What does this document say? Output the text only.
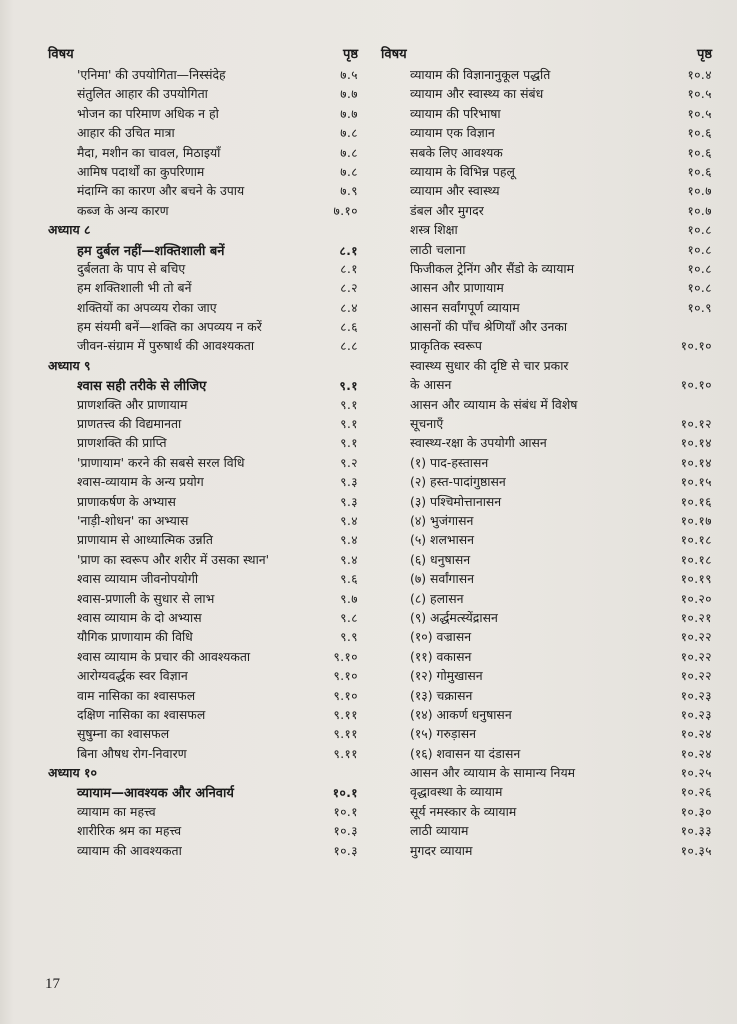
विषय	पृष्ठ
'एनिमा' की उपयोगिता—निस्संदेह	७.५
संतुलित आहार की उपयोगिता	७.७
भोजन का परिमाण अधिक न हो	७.७
आहार की उचित मात्रा	७.८
मैदा, मशीन का चावल, मिठाइयाँ	७.८
आमिष पदार्थों का कुपरिणाम	७.८
मंदाग्नि का कारण और बचने के उपाय	७.९
कब्ज के अन्य कारण	७.१०
अध्याय ८
हम दुर्बल नहीं—शक्तिशाली बनें	८.१
दुर्बलता के पाप से बचिए	८.१
हम शक्तिशाली भी तो बनें	८.२
शक्तियों का अपव्यय रोका जाए	८.४
हम संयमी बनें—शक्ति का अपव्यय न करें	८.६
जीवन-संग्राम में पुरुषार्थ की आवश्यकता	८.८
अध्याय ९
श्वास सही तरीके से लीजिए	९.१
प्राणशक्ति और प्राणायाम	९.१
प्राणतत्त्व की विद्यमानता	९.१
प्राणशक्ति की प्राप्ति	९.१
'प्राणायाम' करने की सबसे सरल विधि	९.२
श्वास-व्यायाम के अन्य प्रयोग	९.३
प्राणाकर्षण के अभ्यास	९.३
'नाड़ी-शोधन' का अभ्यास	९.४
प्राणायाम से आध्यात्मिक उन्नति	९.४
'प्राण का स्वरूप और शरीर में उसका स्थान'	९.४
श्वास व्यायाम जीवनोपयोगी	९.६
श्वास-प्रणाली के सुधार से लाभ	९.७
श्वास व्यायाम के दो अभ्यास	९.८
यौगिक प्राणायाम की विधि	९.९
श्वास व्यायाम के प्रचार की आवश्यकता	९.१०
आरोग्यवर्द्धक स्वर विज्ञान	९.१०
वाम नासिका का श्वासफल	९.१०
दक्षिण नासिका का श्वासफल	९.११
सुषुम्ना का श्वासफल	९.११
बिना औषध रोग-निवारण	९.११
अध्याय १०
व्यायाम—आवश्यक और अनिवार्य	१०.१
व्यायाम का महत्त्व	१०.१
शारीरिक श्रम का महत्त्व	१०.३
व्यायाम की आवश्यकता	१०.३
विषय	पृष्ठ
व्यायाम की विज्ञानानुकूल पद्धति	१०.४
व्यायाम और स्वास्थ्य का संबंध	१०.५
व्यायाम की परिभाषा	१०.५
व्यायाम एक विज्ञान	१०.६
सबके लिए आवश्यक	१०.६
व्यायाम के विभिन्न पहलू	१०.६
व्यायाम और स्वास्थ्य	१०.७
डंबल और मुगदर	१०.७
शस्त्र शिक्षा	१०.८
लाठी चलाना	१०.८
फिजीकल ट्रेनिंग और सैंडो के व्यायाम	१०.८
आसन और प्राणायाम	१०.८
आसन सर्वांगपूर्ण व्यायाम	१०.९
आसनों की पाँच श्रेणियाँ और उनका
प्राकृतिक स्वरूप	१०.१०
स्वास्थ्य सुधार की दृष्टि से चार प्रकार
के आसन	१०.१०
आसन और व्यायाम के संबंध में विशेष
सूचनाएँ	१०.१२
स्वास्थ्य-रक्षा के उपयोगी आसन	१०.१४
(१) पाद-हस्तासन	१०.१४
(२) हस्त-पादांगुष्ठासन	१०.१५
(३) पश्चिमोत्तानासन	१०.१६
(४) भुजंगासन	१०.१७
(५) शलभासन	१०.१८
(६) धनुषासन	१०.१८
(७) सर्वांगासन	१०.१९
(८) हलासन	१०.२०
(९) अर्द्धमत्स्येंद्रासन	१०.२१
(१०) वज्रासन	१०.२२
(११) वकासन	१०.२२
(१२) गोमुखासन	१०.२२
(१३) चक्रासन	१०.२३
(१४) आकर्ण धनुषासन	१०.२३
(१५) गरुड़ासन	१०.२४
(१६) शवासन या दंडासन	१०.२४
आसन और व्यायाम के सामान्य नियम	१०.२५
वृद्धावस्था के व्यायाम	१०.२६
सूर्य नमस्कार के व्यायाम	१०.३०
लाठी व्यायाम	१०.३३
मुगदर व्यायाम	१०.३५
17
